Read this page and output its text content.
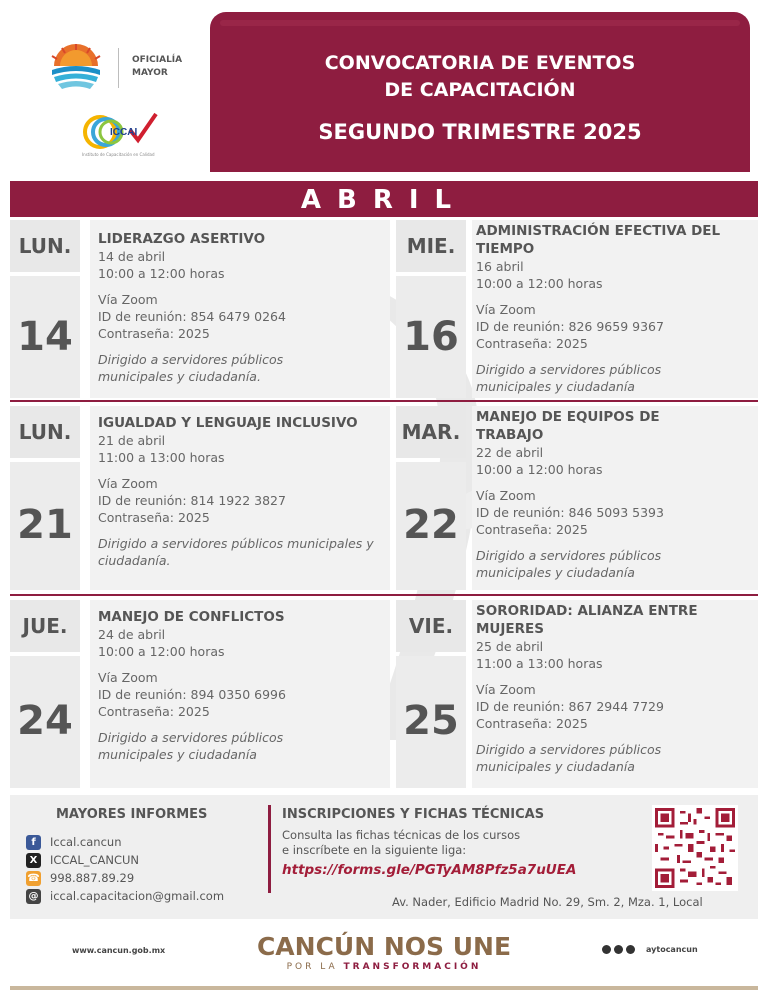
OFICIALÍA MAYOR
ICCAI
Instituto de Capacitación en Calidad
CONVOCATORIA DE EVENTOS
DE CAPACITACIÓN
SEGUNDO TRIMESTRE 2025
ABRIL
LUN.
14
LIDERAZGO ASERTIVO
14 de abril
10:00 a 12:00 horas
Vía Zoom
ID de reunión: 854 6479 0264
Contraseña: 2025
Dirigido a servidores públicos municipales y ciudadanía.
MIE.
16
ADMINISTRACIÓN EFECTIVA DEL TIEMPO
16 abril
10:00 a 12:00 horas
Vía Zoom
ID de reunión: 826 9659 9367
Contraseña: 2025
Dirigido a servidores públicos municipales y ciudadanía
LUN.
21
IGUALDAD Y LENGUAJE INCLUSIVO
21 de abril
11:00 a 13:00 horas
Vía Zoom
ID de reunión: 814 1922 3827
Contraseña: 2025
Dirigido a servidores públicos municipales y ciudadanía.
MAR.
22
MANEJO DE EQUIPOS DE TRABAJO
22 de abril
10:00 a 12:00 horas
Vía Zoom
ID de reunión: 846 5093 5393
Contraseña: 2025
Dirigido a servidores públicos municipales y ciudadanía
JUE.
24
MANEJO DE CONFLICTOS
24 de abril
10:00 a 12:00 horas
Vía Zoom
ID de reunión: 894 0350 6996
Contraseña: 2025
Dirigido a servidores públicos municipales y ciudadanía
VIE.
25
SORORIDAD: ALIANZA ENTRE MUJERES
25 de abril
11:00 a 13:00 horas
Vía Zoom
ID de reunión: 867 2944 7729
Contraseña: 2025
Dirigido a servidores públicos municipales y ciudadanía
MAYORES INFORMES
f	Iccal.cancun
X	ICCAL_CANCUN
☎ 998.887.89.29
@ iccal.capacitacion@gmail.com
INSCRIPCIONES Y FICHAS TÉCNICAS
Consulta las fichas técnicas de los cursos e inscríbete en la siguiente liga:
https://forms.gle/PGTyAM8Pfz5a7uUEA
Av. Nader, Edificio Madrid No. 29, Sm. 2, Mza. 1, Local
www.cancun.gob.mx	CANCÚN NOS UNE
POR LA TRANSFORMACIÓN
aytocancun
